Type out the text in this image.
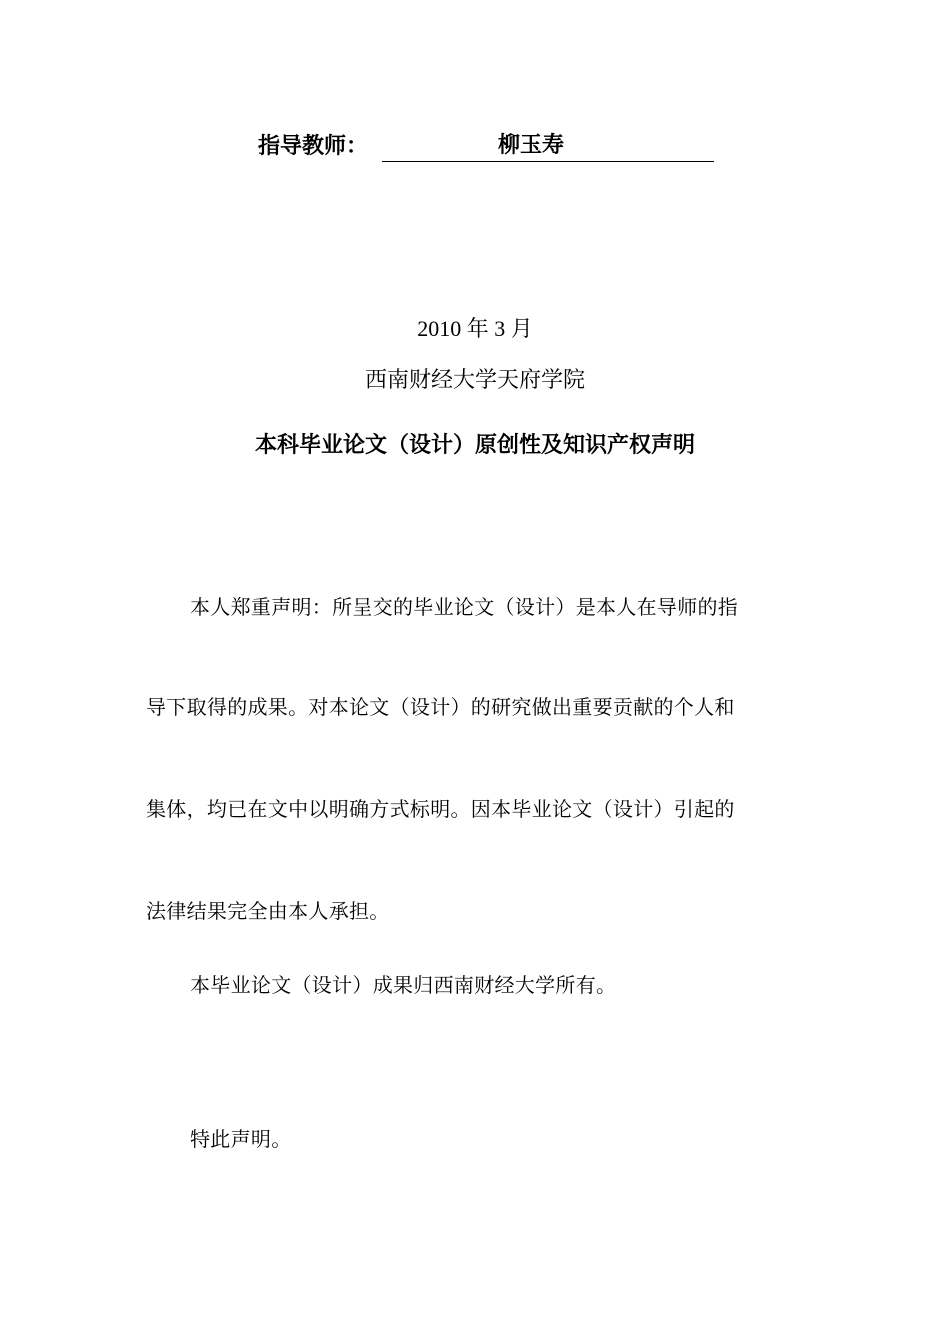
指导教师：	柳玉寿
2010 年 3 月
西南财经大学天府学院
本科毕业论文（设计）原创性及知识产权声明
本人郑重声明：所呈交的毕业论文（设计）是本人在导师的指
导下取得的成果。对本论文（设计）的研究做出重要贡献的个人和
集体，均已在文中以明确方式标明。因本毕业论文（设计）引起的
法律结果完全由本人承担。
本毕业论文（设计）成果归西南财经大学所有。
特此声明。
